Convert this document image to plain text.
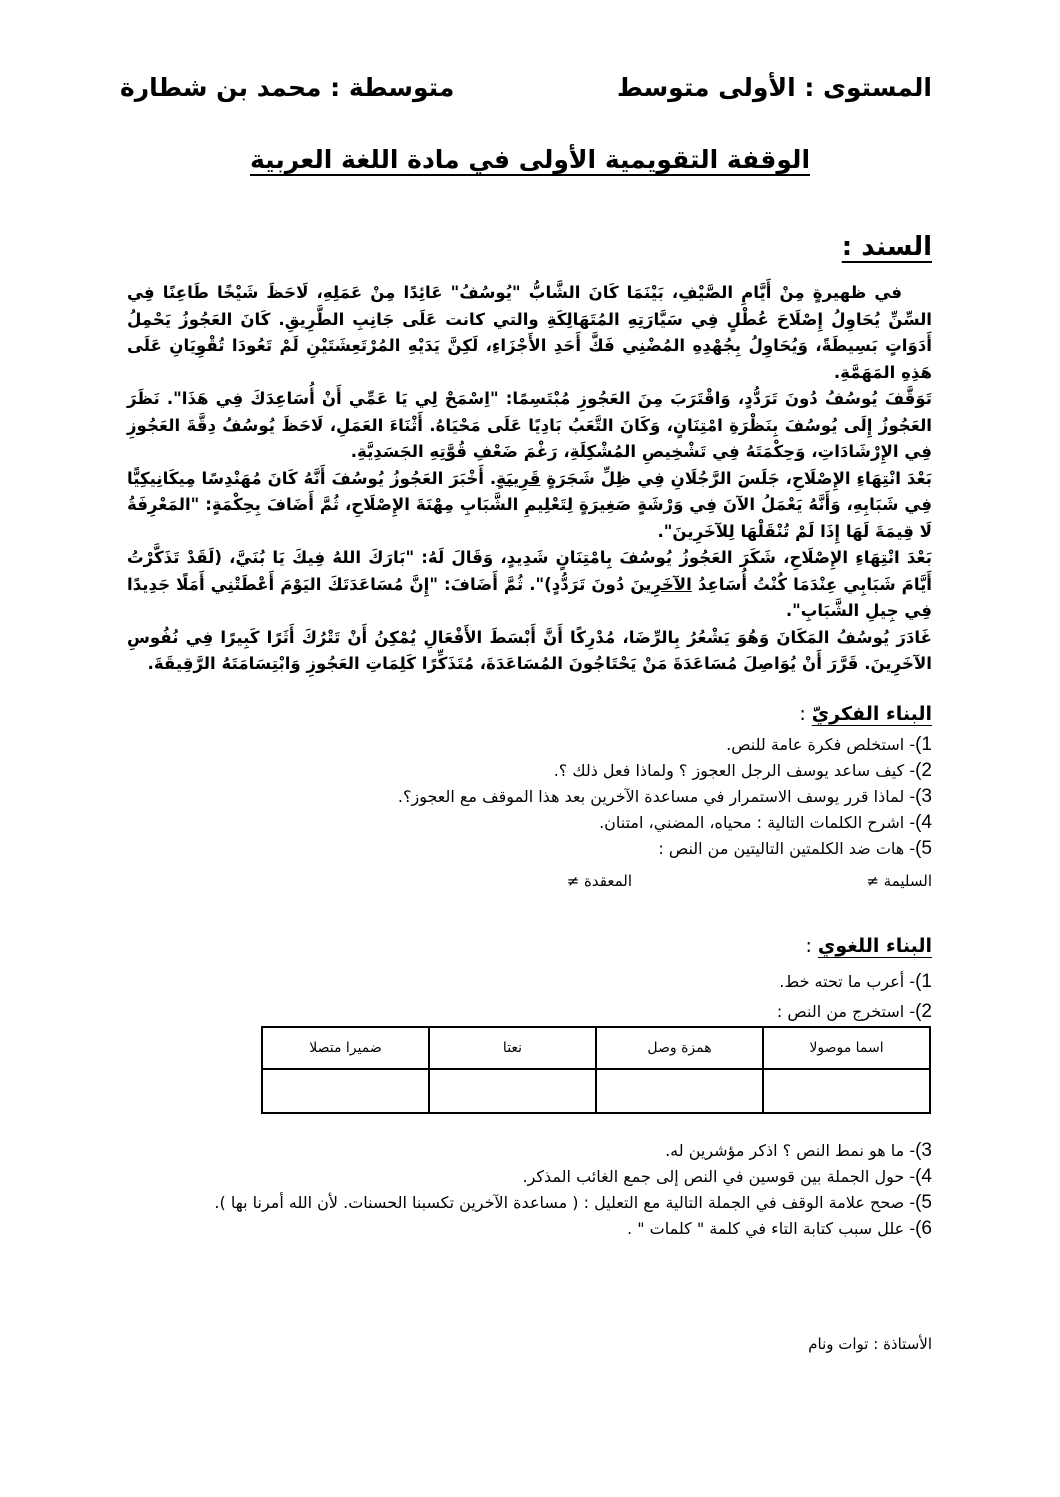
المستوى : الأولى متوسط
متوسطة : محمد بن شطارة
الوقفة التقويمية الأولى في مادة اللغة العربية
السند :

في ظهيرةٍ مِنْ أَيَّامِ الصَّيْفِ، بَيْنَمَا كَانَ الشَّابُّ "يُوسُفُ" عَائِدًا مِنْ عَمَلِهِ، لَاحَظَ شَيْخًا طَاعِنًا فِي السِّنِّ يُحَاوِلُ إِصْلَاحَ عُطْلٍ فِي سَيَّارَتِهِ المُتَهَالِكَةِ والتي كانت عَلَى جَانِبِ الطَّرِيقِ. كَانَ العَجُوزُ يَحْمِلُ أَدَوَاتٍ بَسِيطَةً، وَيُحَاوِلُ بِجُهْدِهِ المُضْنِي فَكَّ أَحَدِ الأَجْزَاءِ، لَكِنَّ يَدَيْهِ المُرْتَعِشَتَيْنِ لَمْ تَعُودَا تُقْوِيَانِ عَلَى هَذِهِ المَهَمَّةِ.

تَوَقَّفَ يُوسُفُ دُونَ تَرَدُّدٍ، وَاقْتَرَبَ مِنَ العَجُوزِ مُبْتَسِمًا: "اِسْمَحْ لِي يَا عَمِّي أَنْ أُسَاعِدَكَ فِي هَذَا". نَظَرَ العَجُوزُ إِلَى يُوسُفَ بِنَظْرَةِ امْتِنَانٍ، وَكَانَ التَّعَبُ بَادِيًا عَلَى مَحْيَاهُ. أَثْنَاءَ العَمَلِ، لَاحَظَ يُوسُفُ دِقَّةَ العَجُوزِ فِي الإِرْشَادَاتِ، وَحِكْمَتَهُ فِي تَشْخِيصِ المُشْكِلَةِ، رَغْمَ ضَعْفِ قُوَّتِهِ الجَسَدِيَّةِ.

بَعْدَ انْتِهَاءِ الإِصْلَاحِ، جَلَسَ الرَّجُلَانِ فِي ظِلِّ شَجَرَةٍ قَرِيبَةٍ. أَخْبَرَ العَجُوزُ يُوسُفَ أَنَّهُ كَانَ مُهَنْدِسًا مِيكَانِيكِيًّا فِي شَبَابِهِ، وَأَنَّهُ يَعْمَلُ الآنَ فِي وَرْشَةٍ صَغِيرَةٍ لِتَعْلِيمِ الشَّبَابِ مِهْنَةَ الإِصْلَاحِ، ثُمَّ أَضَافَ بِحِكْمَةٍ: "المَعْرِفَةُ لَا قِيمَةَ لَهَا إِذَا لَمْ تُنْقَلْهَا لِلآخَرِينَ".

بَعْدَ انْتِهَاءِ الإِصْلَاحِ، شَكَرَ العَجُوزُ يُوسُفَ بِامْتِنَانٍ شَدِيدٍ، وَقَالَ لَهُ: "بَارَكَ اللهُ فِيكَ يَا بُنَيَّ، (لَقَدْ تَذَكَّرْتُ أَيَّامَ شَبَابِي عِنْدَمَا كُنْتُ أُسَاعِدُ الآخَرِينَ دُونَ تَرَدُّدٍ)". ثُمَّ أَضَافَ: "إِنَّ مُسَاعَدَتَكَ اليَوْمَ أَعْطَتْنِي أَمَلًا جَدِيدًا فِي جِيلِ الشَّبَابِ".

غَادَرَ يُوسُفُ المَكَانَ وَهُوَ يَشْعُرُ بِالرِّضَا، مُدْرِكًا أَنَّ أَبْسَطَ الأَفْعَالِ يُمْكِنُ أَنْ تَتْرُكَ أَثَرًا كَبِيرًا فِي نُفُوسِ الآخَرِينَ. قَرَّرَ أَنْ يُوَاصِلَ مُسَاعَدَةَ مَنْ يَحْتَاجُونَ المُسَاعَدَةَ، مُتَذَكِّرًا كَلِمَاتِ العَجُوزِ وَابْتِسَامَتَهُ الرَّقِيقَةَ.

البناء الفكريّ :
1)- استخلص فكرة عامة للنص.
2)- كيف ساعد يوسف الرجل العجوز ؟ ولماذا فعل ذلك ؟.
3)- لماذا قرر يوسف الاستمرار في مساعدة الآخرين بعد هذا الموقف مع العجوز؟.
4)- اشرح الكلمات التالية : محياه، المضني، امتنان.
5)- هات ضد الكلمتين التاليتين من النص :
السليمة ≠المعقدة ≠
البناء اللغوي :
1)- أعرب ما تحته خط.
2)- استخرج من النص :
اسما موصولا	همزة وصل	نعتا	ضميرا متصلا

3)- ما هو نمط النص ؟ اذكر مؤشرين له.
4)- حول الجملة بين قوسين في النص إلى جمع الغائب المذكر.
5)- صحح علامة الوقف في الجملة التالية مع التعليل : ( مساعدة الآخرين تكسبنا الحسنات. لأن الله أمرنا بها ).
6)- علل سبب كتابة التاء في كلمة " كلمات " .
الأستاذة : توات ونام
